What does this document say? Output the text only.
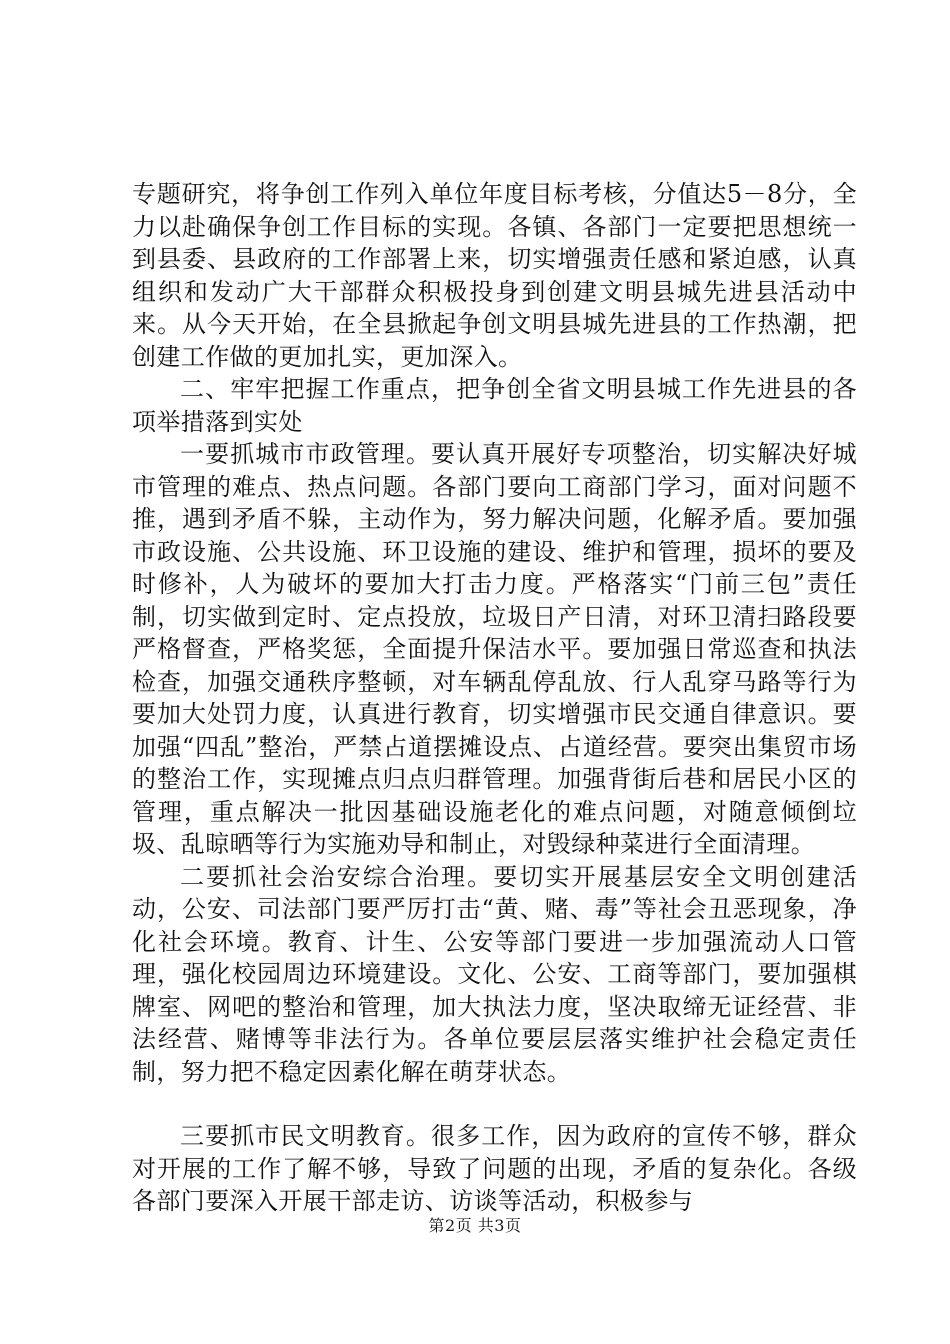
专题研究，将争创工作列入单位年度目标考核，分值达5－8分，全力以赴确保争创工作目标的实现。各镇、各部门一定要把思想统一到县委、县政府的工作部署上来，切实增强责任感和紧迫感，认真组织和发动广大干部群众积极投身到创建文明县城先进县活动中来。从今天开始，在全县掀起争创文明县城先进县的工作热潮，把创建工作做的更加扎实，更加深入。

二、牢牢把握工作重点，把争创全省文明县城工作先进县的各项举措落到实处

一要抓城市市政管理。要认真开展好专项整治，切实解决好城市管理的难点、热点问题。各部门要向工商部门学习，面对问题不推，遇到矛盾不躲，主动作为，努力解决问题，化解矛盾。要加强市政设施、公共设施、环卫设施的建设、维护和管理，损坏的要及时修补，人为破坏的要加大打击力度。严格落实“门前三包”责任制，切实做到定时、定点投放，垃圾日产日清，对环卫清扫路段要严格督查，严格奖惩，全面提升保洁水平。要加强日常巡查和执法检查，加强交通秩序整顿，对车辆乱停乱放、行人乱穿马路等行为要加大处罚力度，认真进行教育，切实增强市民交通自律意识。要加强“四乱”整治，严禁占道摆摊设点、占道经营。要突出集贸市场的整治工作，实现摊点归点归群管理。加强背街后巷和居民小区的管理，重点解决一批因基础设施老化的难点问题，对随意倾倒垃圾、乱晾晒等行为实施劝导和制止，对毁绿种菜进行全面清理。

二要抓社会治安综合治理。要切实开展基层安全文明创建活动，公安、司法部门要严厉打击“黄、赌、毒”等社会丑恶现象，净化社会环境。教育、计生、公安等部门要进一步加强流动人口管理，强化校园周边环境建设。文化、公安、工商等部门，要加强棋牌室、网吧的整治和管理，加大执法力度，坚决取缔无证经营、非法经营、赌博等非法行为。各单位要层层落实维护社会稳定责任制，努力把不稳定因素化解在萌芽状态。

三要抓市民文明教育。很多工作，因为政府的宣传不够，群众对开展的工作了解不够，导致了问题的出现，矛盾的复杂化。各级各部门要深入开展干部走访、访谈等活动，积极参与

第2页 共3页
